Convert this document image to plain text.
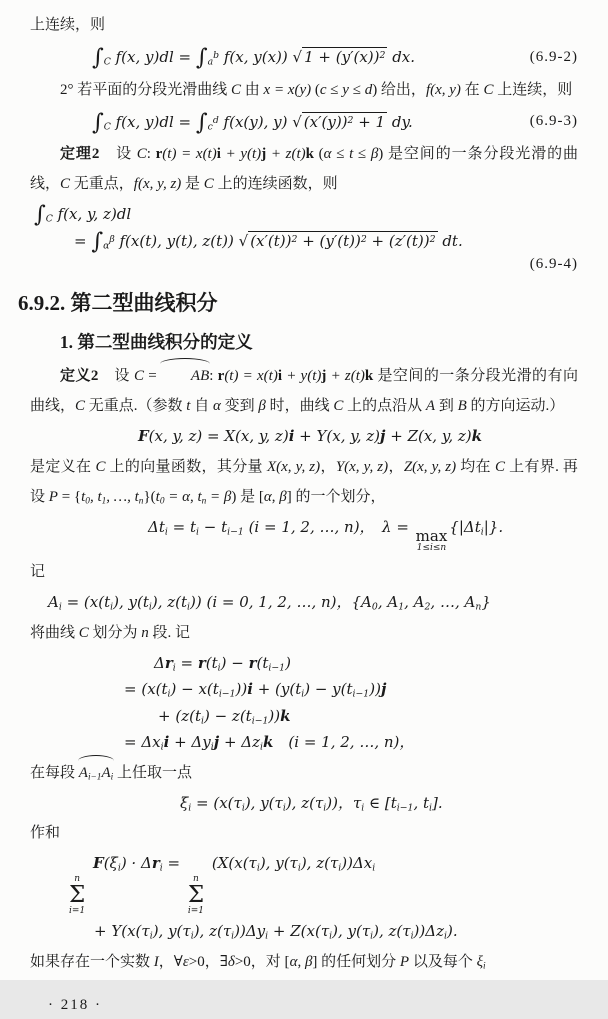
上连续，则

$\int_C$ f(x, $y)dl = \int_a^b$ f(x, y(x)) √ $1 + (y'(x))^2$ dx.	(6.9-2)

2° 若平面的分段光滑曲线 C 由 x = x(y) (c ≤ y ≤ d) 给出，f(x, y) 在 C 上连续，则

$\int_C$ f(x, $y)dl = \int_c^d$ f(x(y), y) √ $(x'(y))^2 + 1$ dy.	(6.9-3)

定理2　设 C: r(t) = x(t)i + y(t)j + z(t)k (α ≤ t ≤ β) 是空间的一条分段光滑的曲线，C 无重点，f(x, y, z) 是 C 上的连续函数，则

$\int_C$ f(x, y, z)dl
= $\int_\alpha^\beta$ f(x(t), y(t), z(t)) √ $(x'(t))^2 + (y'(t))^2 + (z'(t))^2$ dt.
(6.9-4)
6.9.2. 第二型曲线积分
1. 第二型曲线积分的定义

定义2　设 C = AB: r(t) = x(t)i + y(t)j + z(t)k 是空间的一条分段光滑的有向曲线，C 无重点.（参数 t 自 α 变到 β 时，曲线 C 上的点沿从 A 到 B 的方向运动.）

F(x, y, z) = X(x, y, z)i + Y(x, y, z)j + Z(x, y, z)k

是定义在 C 上的向量函数，其分量 X(x, y, z)，Y(x, y, z)，Z(x, y, z) 均在 C 上有界. 再设 $P = \{t_0$, $t_1$, …, $t_n\}(t_0 = \alpha$, $t_n = \beta$) 是 [α, β] 的一个划分，

$\Delta t_i = t_i - t_{i-1}$ (i = 1, 2, …, n)，　λ =
max
1≤i≤n
$\{|\Delta t_i|\}$.

记

$A_i = (x(t_i)$, $y(t_i)$, $z(t_i)$) (i = 0, 1, 2, …, n)，{$A_0$, $A_1$, $A_2$, …, $A_n$}

将曲线 C 划分为 n 段. 记

$\Delta r_i = r(t_i) - r(t_{i-1})$
= $(x(t_i) - x(t_{i-1}))i + (y(t_i) - y(t_{i-1}))j$
+ $(z(t_i) - z(t_{i-1}))k$
= $\Delta x_ii + \Delta y_ij + \Delta z_ik$　(i = 1, 2, …, n)，

在每段 $A_{i-1}A_i$ 上任取一点

$\xi_i = (x(\tau_i)$, $y(\tau_i)$, $z(\tau_i)$)，$\tau_i$ ∈ [$t_{i-1}$, $t_i$].

作和

n
Σ
i=1
$F(\xi_i) \cdot \Delta r_i$ =
n
Σ
i=1
($X(x(\tau_i)$, $y(\tau_i)$, $z(\tau_i))\Delta x_i$
+ $Y(x(\tau_i)$, $y(\tau_i)$, $z(\tau_i))\Delta y_i + Z(x(\tau_i)$, $y(\tau_i)$, $z(\tau_i))\Delta z_i$).

如果存在一个实数 I，∀ε>0，∃δ>0，对 [α, β] 的任何划分 P 以及每个 $\xi_i$

· 218 ·
